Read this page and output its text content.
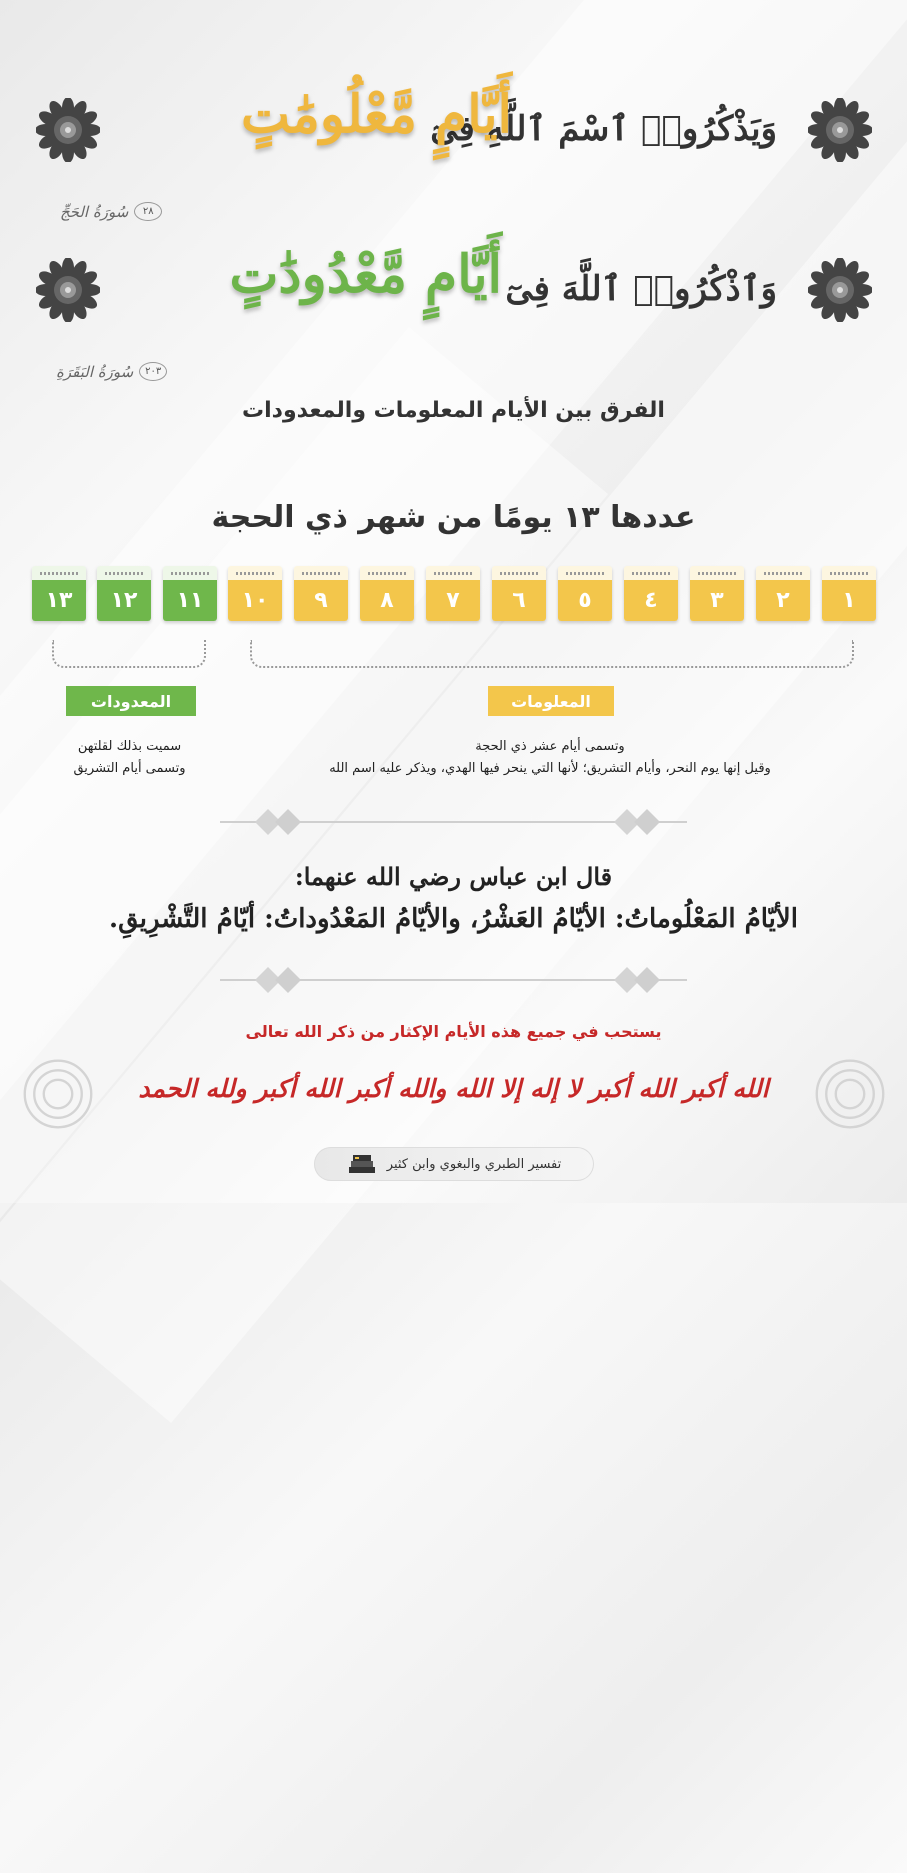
وَيَذْكُرُوا۟ ٱسْمَ ٱللَّهِ فِىٓ
أَيَّامٍ مَّعْلُومَٰتٍ
٢٨
سُورَةُ الحَجِّ
وَٱذْكُرُوا۟ ٱللَّهَ فِىٓ
أَيَّامٍ مَّعْدُودَٰتٍ
٢٠٣
سُورَةُ البَقَرَةِ
الفرق بين الأيام المعلومات والمعدودات
عددها ١٣ يومًا من شهر ذي الحجة
١
٢
٣
٤
٥
٦
٧
٨
٩
١٠
١١
١٢
١٣
المعلومات
المعدودات
وتسمى أيام عشر ذي الحجة
وقيل إنها يوم النحر، وأيام التشريق؛ لأنها التي ينحر فيها الهدي، ويذكر عليه اسم الله
سميت بذلك لقلتهن
وتسمى أيام التشريق
قال ابن عباس رضي الله عنهما:
الأيّامُ المَعْلُوماتُ: الأيّامُ العَشْرُ، والأيّامُ المَعْدُوداتُ: أيّامُ التَّشْرِيقِ.
يستحب في جميع هذه الأيام الإكثار من ذكر الله تعالى
الله أكبر الله أكبر لا إله إلا الله والله أكبر الله أكبر ولله الحمد
تفسير الطبري والبغوي وابن كثير
